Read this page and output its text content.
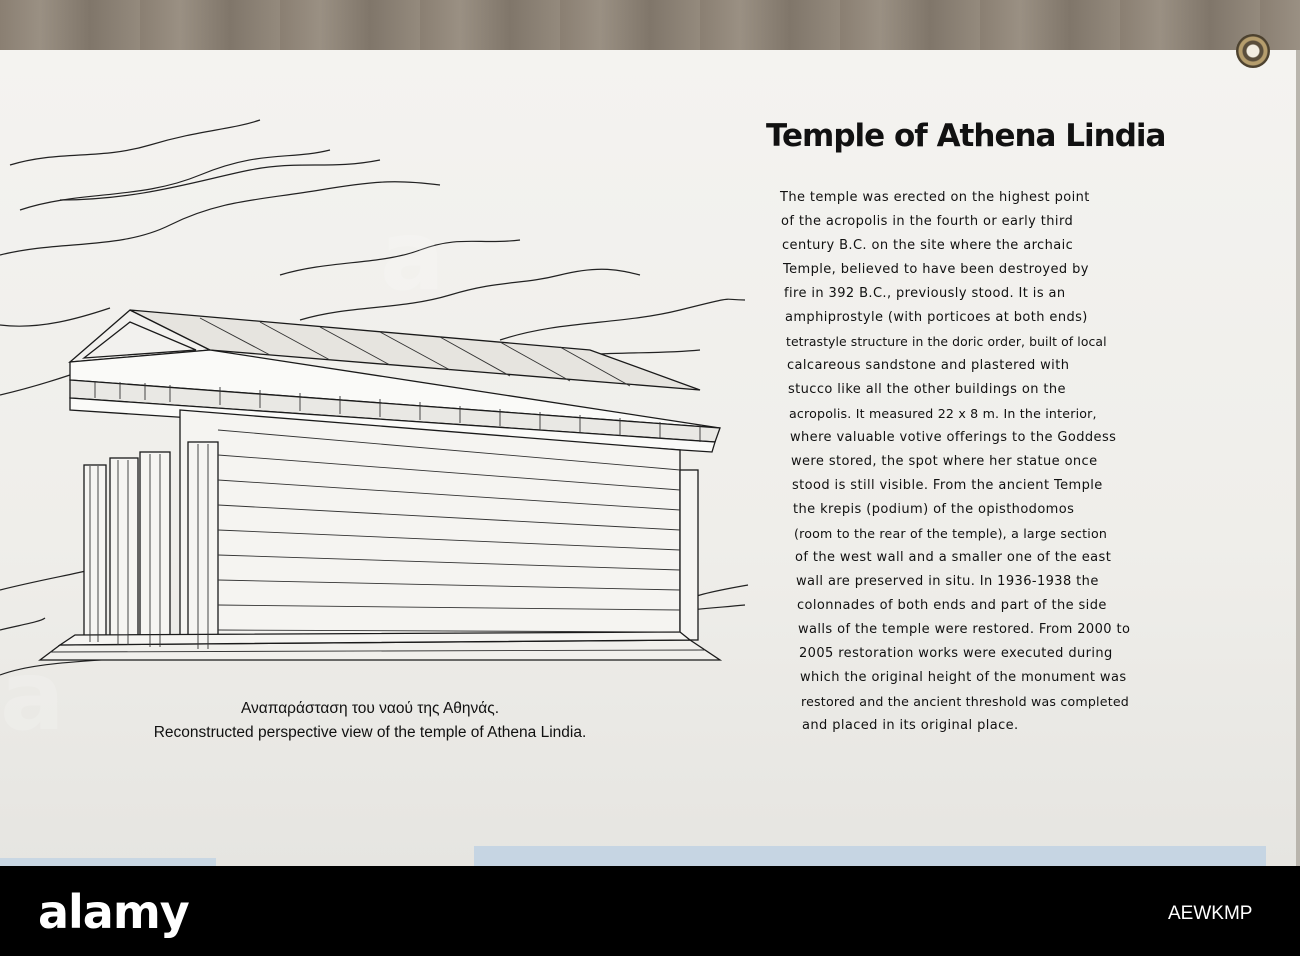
Temple of Athena Lindia
The temple was erected on the highest point
of the acropolis in the fourth or early third
century B.C. on the site where the archaic
Temple, believed to have been destroyed by
fire in 392 B.C., previously stood. It is an
amphiprostyle (with porticoes at both ends)
tetrastyle structure in the doric order, built of local
calcareous sandstone and plastered with
stucco like all the other buildings on the
acropolis. It measured 22 x 8 m. In the interior,
where valuable votive offerings to the Goddess
were stored, the spot where her statue once
stood is still visible. From the ancient Temple
the krepis (podium) of the opisthodomos
(room to the rear of the temple), a large section
of the west wall and a smaller one of the east
wall are preserved in situ. In 1936-1938 the
colonnades of both ends and part of the side
walls of the temple were restored. From 2000 to
2005 restoration works were executed during
which the original height of the monument was
restored and the ancient threshold was completed
and placed in its original place.
Αναπαράσταση του ναού της Αθηνάς.
Reconstructed perspective view of the temple of Athena Lindia.
a
a
alamy	AEWKMP
